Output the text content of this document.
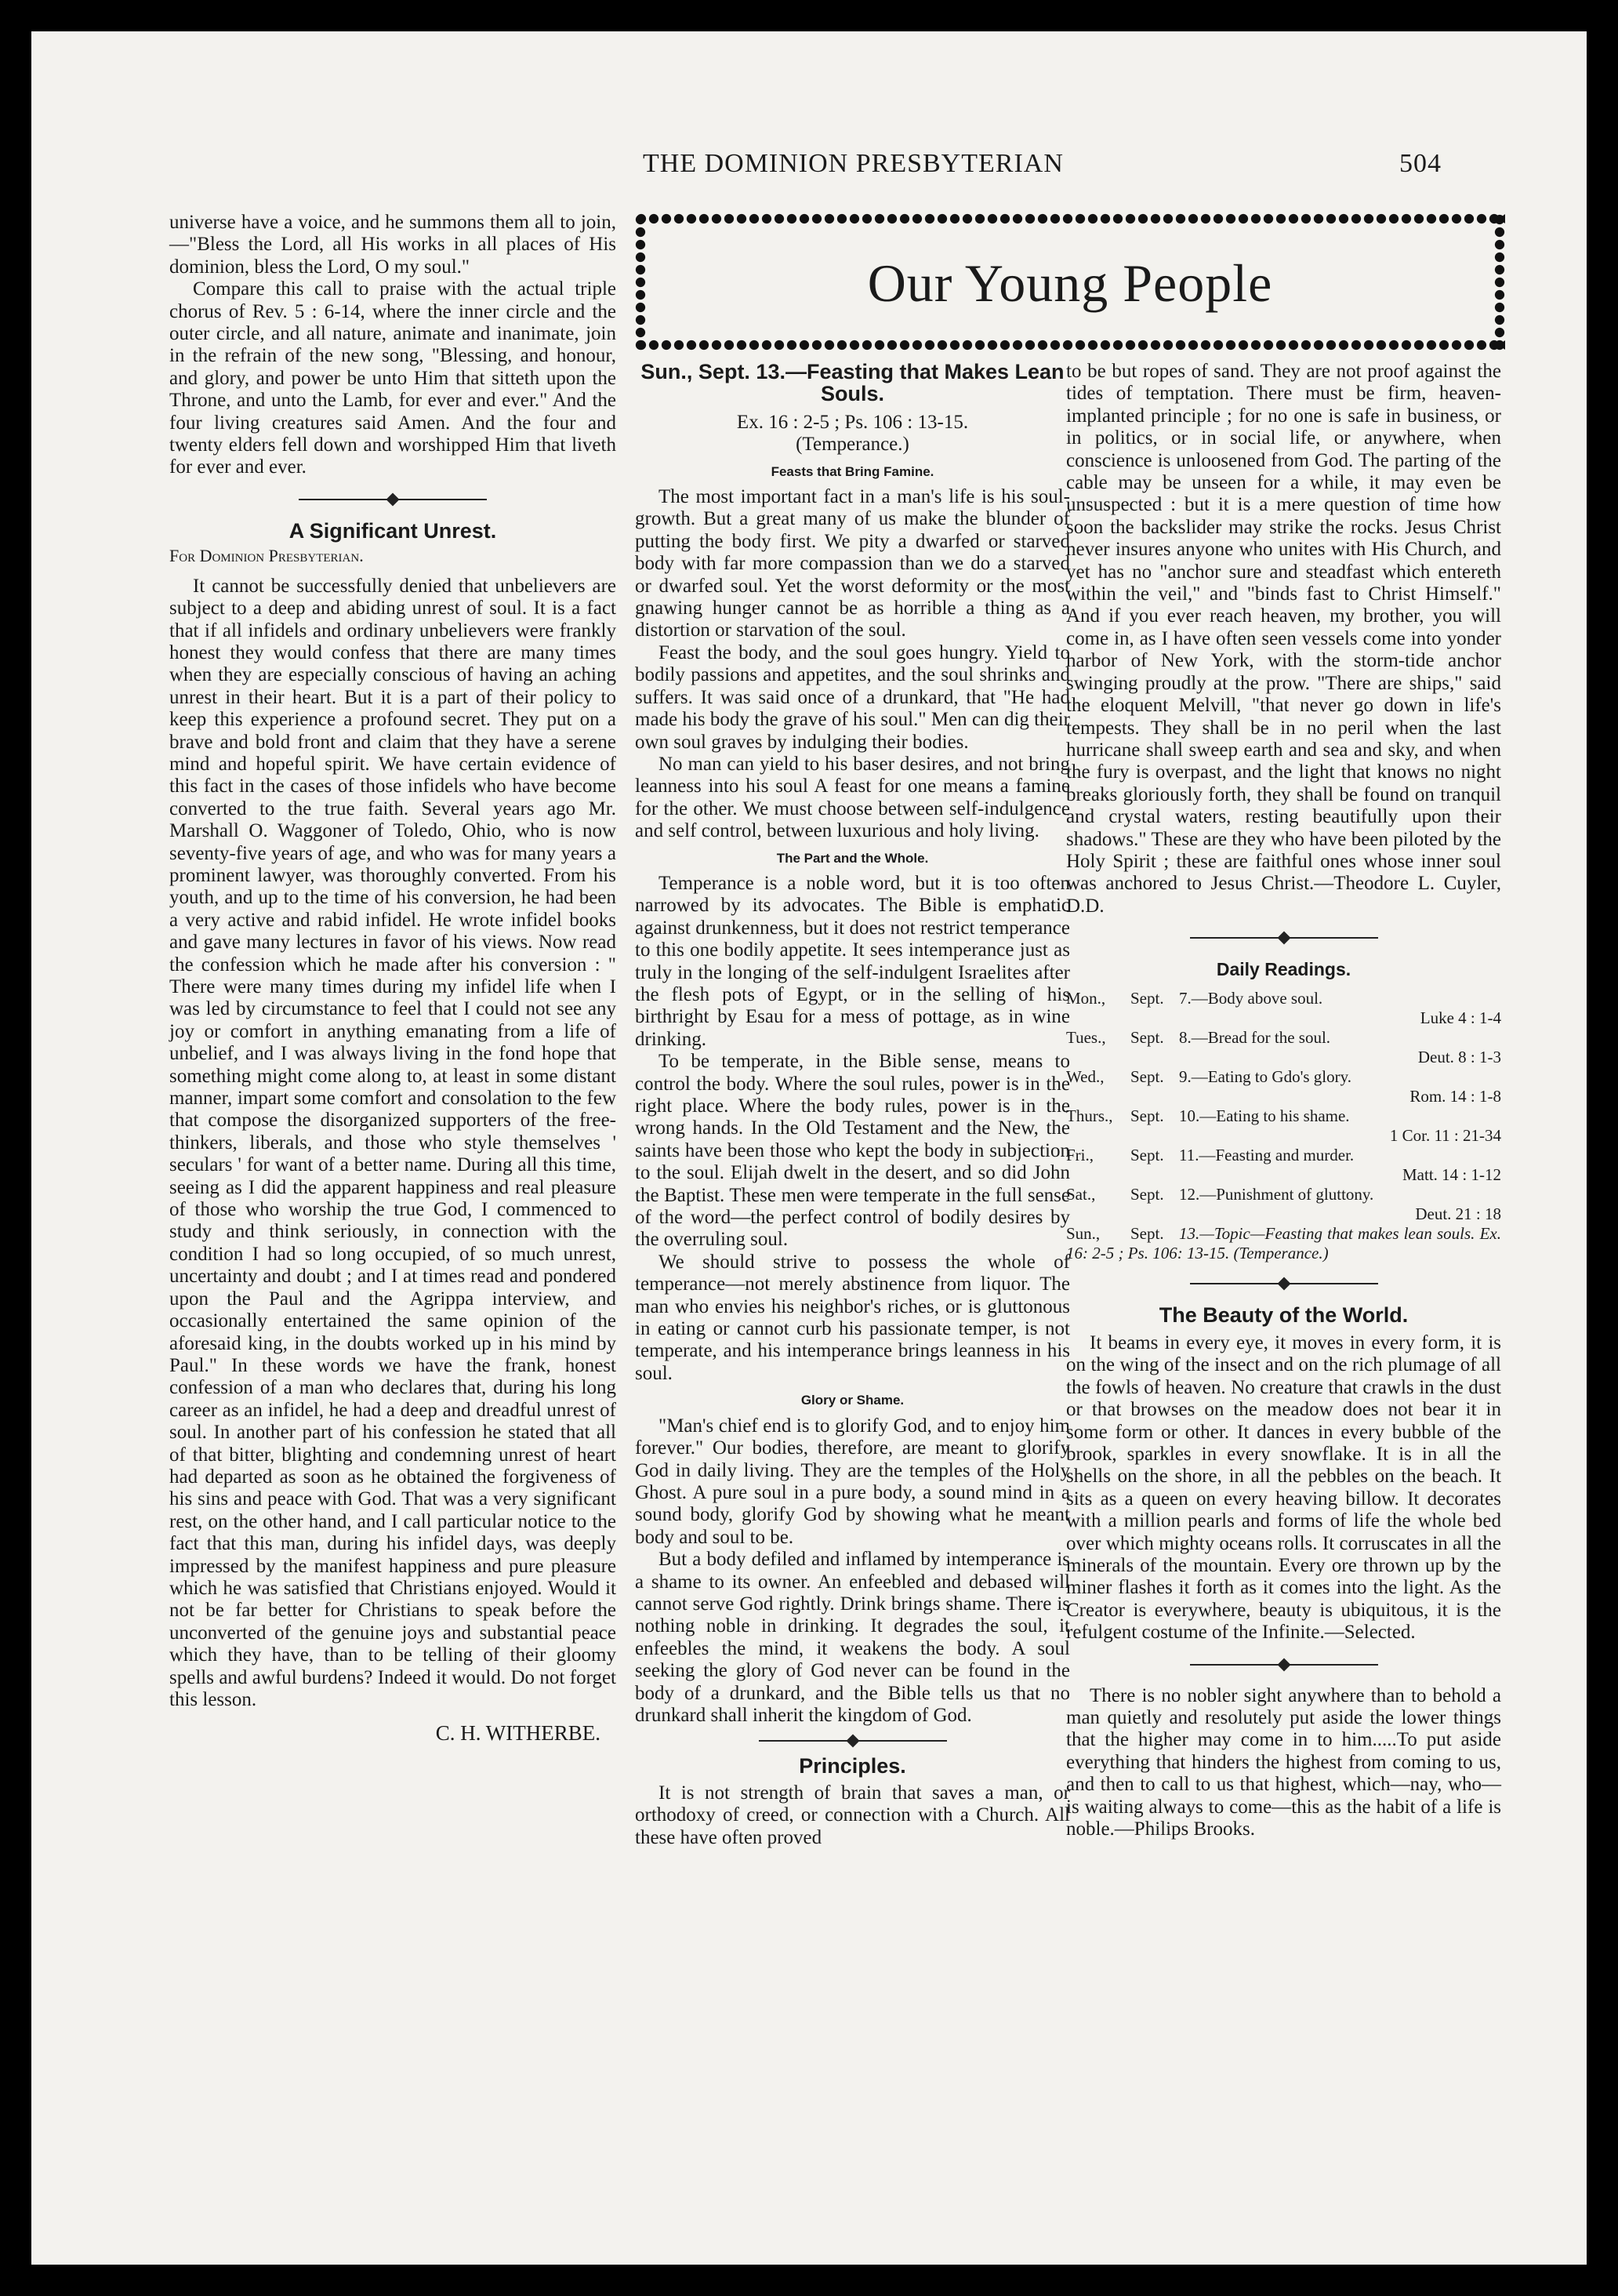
THE DOMINION PRESBYTERIAN	504

universe have a voice, and he summons them all to join,—"Bless the Lord, all His works in all places of His dominion, bless the Lord, O my soul."

Compare this call to praise with the actual triple chorus of Rev. 5 : 6-14, where the inner circle and the outer circle, and all nature, animate and inanimate, join in the refrain of the new song, "Blessing, and honour, and glory, and power be unto Him that sitteth upon the Throne, and unto the Lamb, for ever and ever." And the four living creatures said Amen. And the four and twenty elders fell down and worshipped Him that liveth for ever and ever.

A Significant Unrest.

For Dominion Presbyterian.

It cannot be successfully denied that unbelievers are subject to a deep and abiding unrest of soul. It is a fact that if all infidels and ordinary unbelievers were frankly honest they would confess that there are many times when they are especially conscious of having an aching unrest in their heart. But it is a part of their policy to keep this experience a profound secret. They put on a brave and bold front and claim that they have a serene mind and hopeful spirit. We have certain evidence of this fact in the cases of those infidels who have become converted to the true faith. Several years ago Mr. Marshall O. Waggoner of Toledo, Ohio, who is now seventy-five years of age, and who was for many years a prominent lawyer, was thoroughly converted. From his youth, and up to the time of his conversion, he had been a very active and rabid infidel. He wrote infidel books and gave many lectures in favor of his views. Now read the confession which he made after his conversion : " There were many times during my infidel life when I was led by circumstance to feel that I could not see any joy or comfort in anything emanating from a life of unbelief, and I was always living in the fond hope that something might come along to, at least in some distant manner, impart some comfort and consolation to the few that compose the disorganized supporters of the free-thinkers, liberals, and those who style themselves ' seculars ' for want of a better name. During all this time, seeing as I did the apparent happiness and real pleasure of those who worship the true God, I commenced to study and think seriously, in connection with the condition I had so long occupied, of so much unrest, uncertainty and doubt ; and I at times read and pondered upon the Paul and the Agrippa interview, and occasionally entertained the same opinion of the aforesaid king, in the doubts worked up in his mind by Paul." In these words we have the frank, honest confession of a man who declares that, during his long career as an infidel, he had a deep and dreadful unrest of soul. In another part of his confession he stated that all of that bitter, blighting and condemning unrest of heart had departed as soon as he obtained the forgiveness of his sins and peace with God. That was a very significant rest, on the other hand, and I call particular notice to the fact that this man, during his infidel days, was deeply impressed by the manifest happiness and pure pleasure which he was satisfied that Christians enjoyed. Would it not be far better for Christians to speak before the unconverted of the genuine joys and substantial peace which they have, than to be telling of their gloomy spells and awful burdens? Indeed it would. Do not forget this lesson.

C. H. WITHERBE.

Our Young People
Sun., Sept. 13.—Feasting that Makes Lean Souls.

Ex. 16 : 2-5 ; Ps. 106 : 13-15.

(Temperance.)

Feasts that Bring Famine.

The most important fact in a man's life is his soul-growth. But a great many of us make the blunder of putting the body first. We pity a dwarfed or starved body with far more compassion than we do a starved or dwarfed soul. Yet the worst deformity or the most gnawing hunger cannot be as horrible a thing as a distortion or starvation of the soul.

Feast the body, and the soul goes hungry. Yield to bodily passions and appetites, and the soul shrinks and suffers. It was said once of a drunkard, that "He had made his body the grave of his soul." Men can dig their own soul graves by indulging their bodies.

No man can yield to his baser desires, and not bring leanness into his soul A feast for one means a famine for the other. We must choose between self-indulgence and self control, between luxurious and holy living.

The Part and the Whole.

Temperance is a noble word, but it is too often narrowed by its advocates. The Bible is emphatic against drunkenness, but it does not restrict temperance to this one bodily appetite. It sees intemperance just as truly in the longing of the self-indulgent Israelites after the flesh pots of Egypt, or in the selling of his birthright by Esau for a mess of pottage, as in wine drinking.

To be temperate, in the Bible sense, means to control the body. Where the soul rules, power is in the right place. Where the body rules, power is in the wrong hands. In the Old Testament and the New, the saints have been those who kept the body in subjection to the soul. Elijah dwelt in the desert, and so did John the Baptist. These men were temperate in the full sense of the word—the perfect control of bodily desires by the overruling soul.

We should strive to possess the whole of temperance—not merely abstinence from liquor. The man who envies his neighbor's riches, or is gluttonous in eating or cannot curb his passionate temper, is not temperate, and his intemperance brings leanness in his soul.

Glory or Shame.

"Man's chief end is to glorify God, and to enjoy him forever." Our bodies, therefore, are meant to glorify God in daily living. They are the temples of the Holy Ghost. A pure soul in a pure body, a sound mind in a sound body, glorify God by showing what he meant body and soul to be.

But a body defiled and inflamed by intemperance is a shame to its owner. An enfeebled and debased will cannot serve God rightly. Drink brings shame. There is nothing noble in drinking. It degrades the soul, it enfeebles the mind, it weakens the body. A soul seeking the glory of God never can be found in the body of a drunkard, and the Bible tells us that no drunkard shall inherit the kingdom of God.

Principles.

It is not strength of brain that saves a man, or orthodoxy of creed, or connection with a Church. All these have often proved

to be but ropes of sand. They are not proof against the tides of temptation. There must be firm, heaven-implanted principle ; for no one is safe in business, or in politics, or in social life, or anywhere, when conscience is unloosened from God. The parting of the cable may be unseen for a while, it may even be unsuspected : but it is a mere question of time how soon the backslider may strike the rocks. Jesus Christ never insures anyone who unites with His Church, and yet has no "anchor sure and steadfast which entereth within the veil," and "binds fast to Christ Himself." And if you ever reach heaven, my brother, you will come in, as I have often seen vessels come into yonder harbor of New York, with the storm-tide anchor swinging proudly at the prow. "There are ships," said the eloquent Melvill, "that never go down in life's tempests. They shall be in no peril when the last hurricane shall sweep earth and sea and sky, and when the fury is overpast, and the light that knows no night breaks gloriously forth, they shall be found on tranquil and crystal waters, resting beautifully upon their shadows." These are they who have been piloted by the Holy Spirit ; these are faithful ones whose inner soul was anchored to Jesus Christ.—Theodore L. Cuyler, D.D.

Daily Readings.
Mon., Sept. 7.—Body above soul.
Luke 4 : 1-4
Tues., Sept. 8.—Bread for the soul.
Deut. 8 : 1-3
Wed., Sept. 9.—Eating to Gdo's glory.
Rom. 14 : 1-8
Thurs., Sept. 10.—Eating to his shame.
1 Cor. 11 : 21-34
Fri., Sept. 11.—Feasting and murder.
Matt. 14 : 1-12
Sat., Sept. 12.—Punishment of gluttony.
Deut. 21 : 18
Sun., Sept. 13.—Topic—Feasting that makes lean souls. Ex. 16: 2-5 ; Ps. 106: 13-15. (Temperance.)
The Beauty of the World.

It beams in every eye, it moves in every form, it is on the wing of the insect and on the rich plumage of all the fowls of heaven. No creature that crawls in the dust or that browses on the meadow does not bear it in some form or other. It dances in every bubble of the brook, sparkles in every snowflake. It is in all the shells on the shore, in all the pebbles on the beach. It sits as a queen on every heaving billow. It decorates with a million pearls and forms of life the whole bed over which mighty oceans rolls. It corruscates in all the minerals of the mountain. Every ore thrown up by the miner flashes it forth as it comes into the light. As the Creator is everywhere, beauty is ubiquitous, it is the refulgent costume of the Infinite.—Selected.

There is no nobler sight anywhere than to behold a man quietly and resolutely put aside the lower things that the higher may come in to him.....To put aside everything that hinders the highest from coming to us, and then to call to us that highest, which—nay, who—is waiting always to come—this as the habit of a life is noble.—Philips Brooks.
